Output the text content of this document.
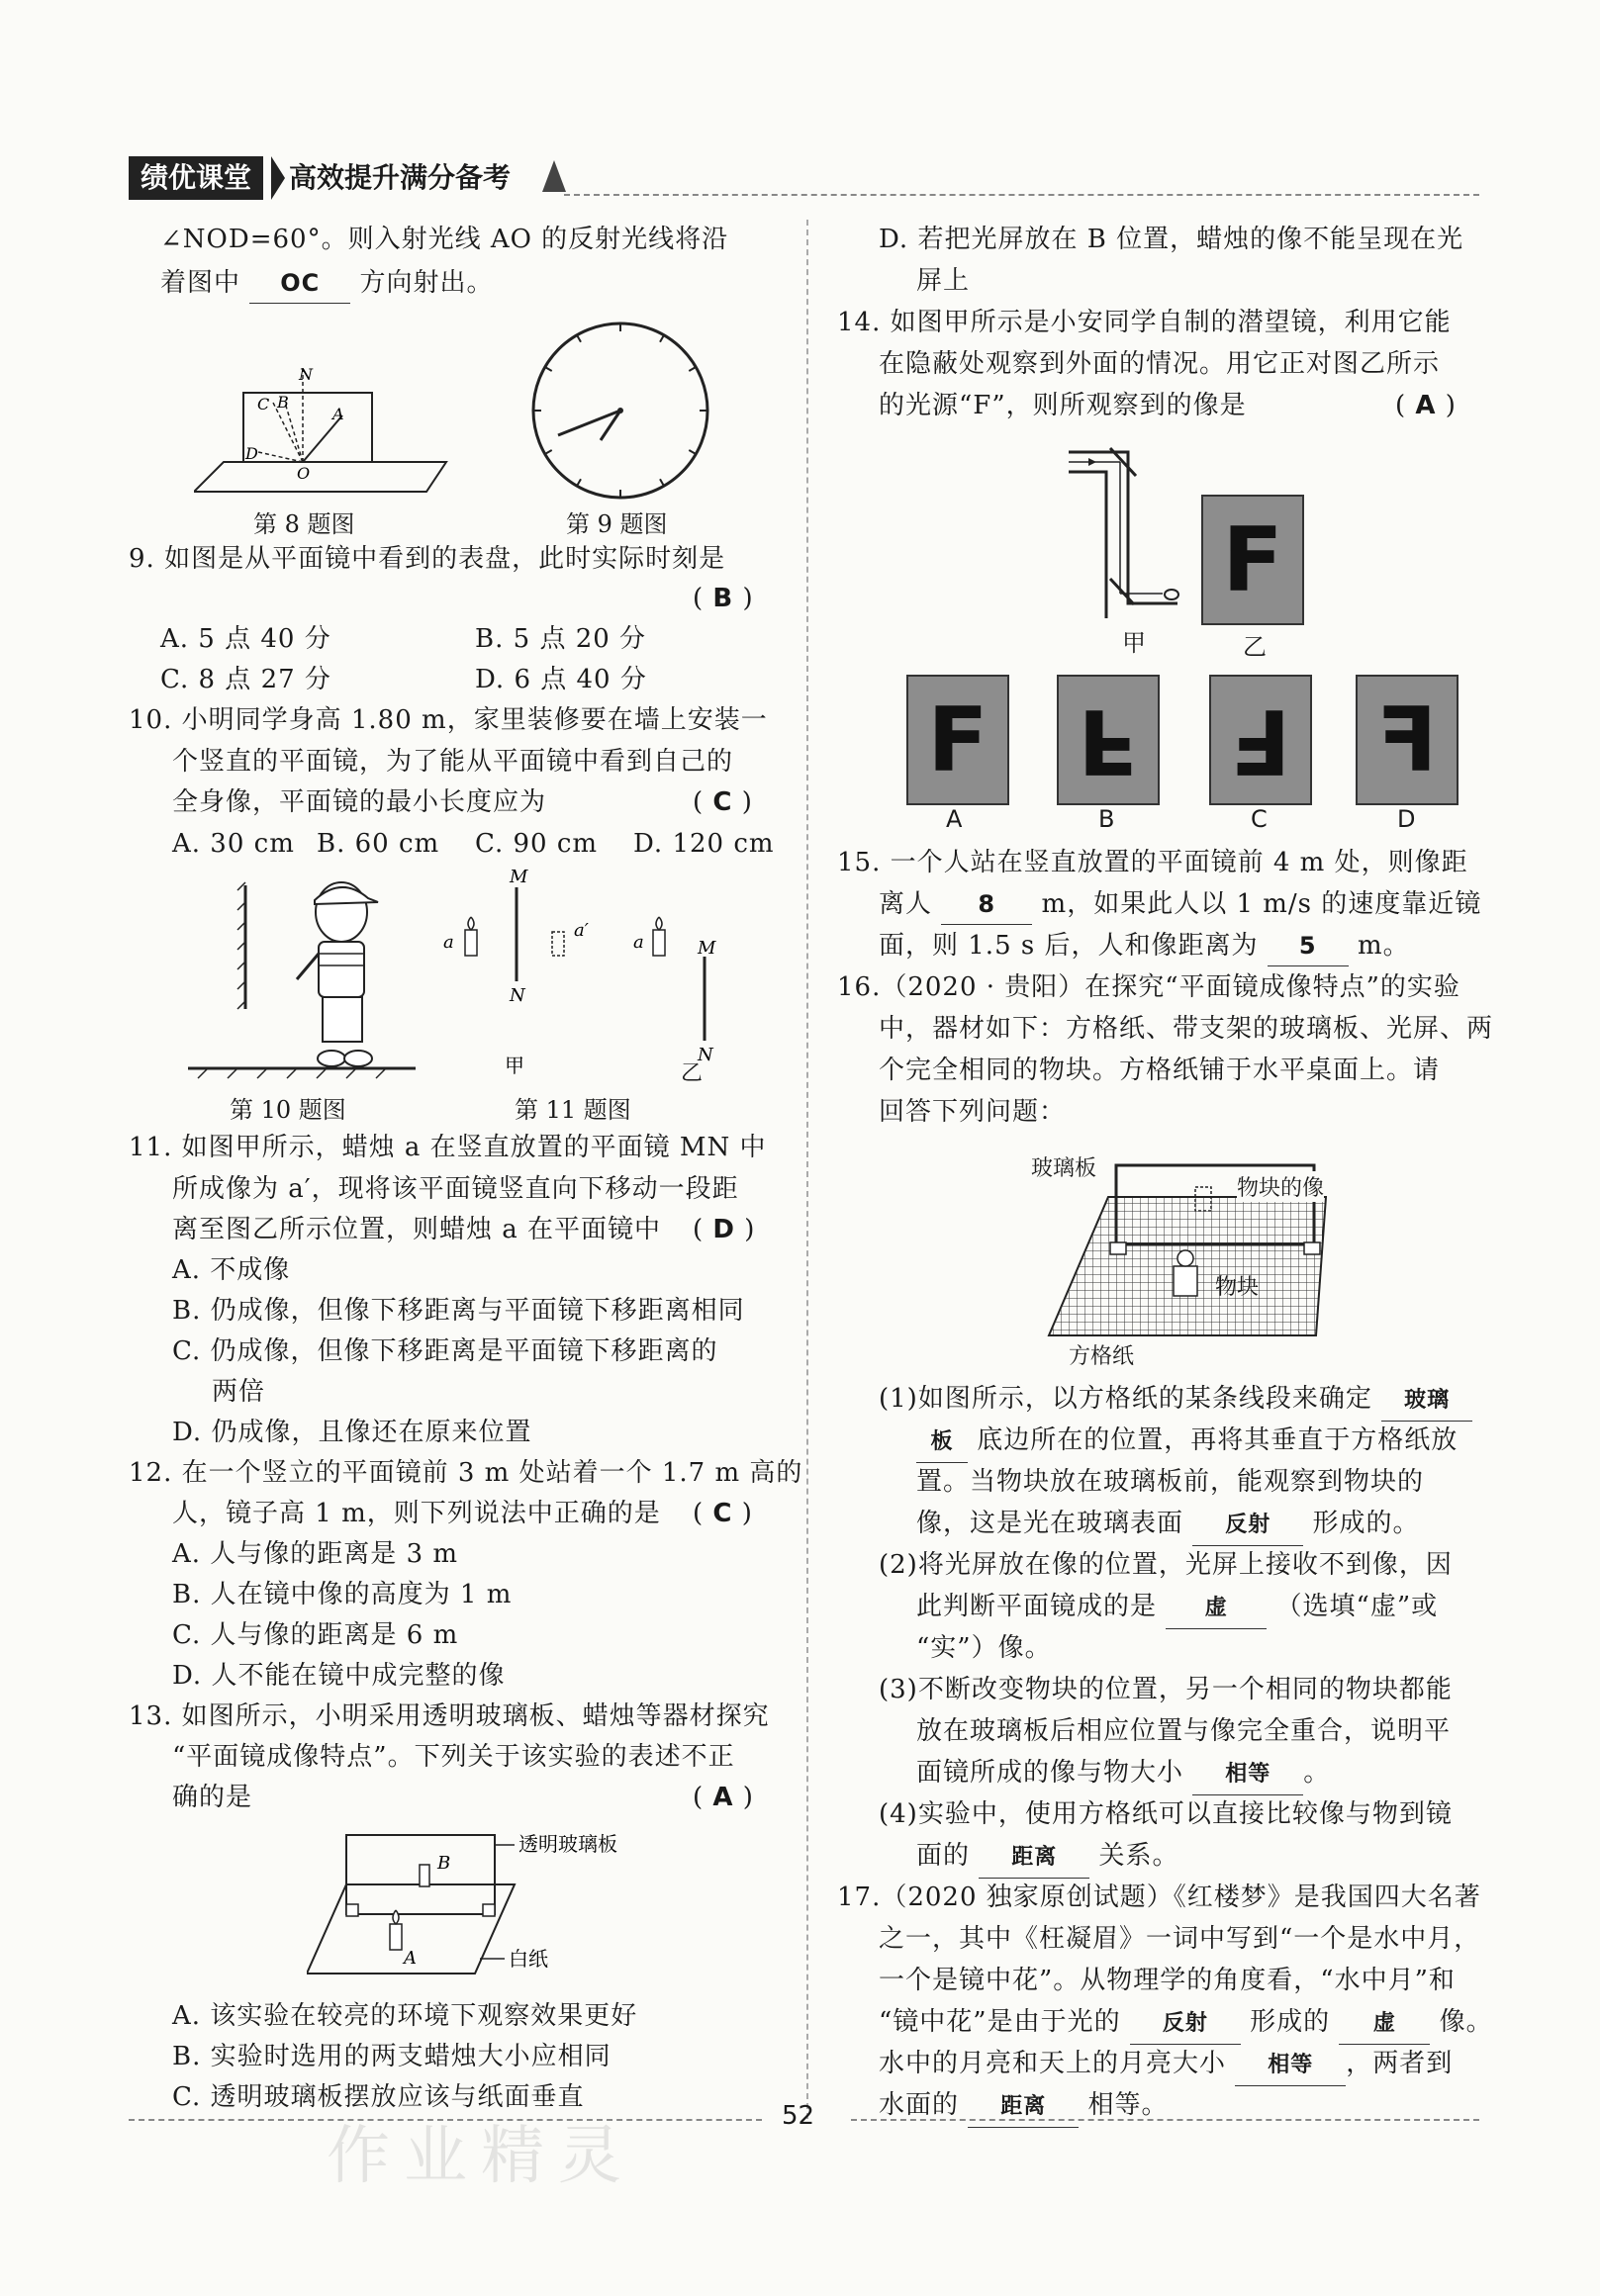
绩优课堂	高效提升满分备考
∠NOD=60°。则入射光线 AO 的反射光线将沿
着图中 OC 方向射出。
N
C B
A
D
O
第 8 题图	第 9 题图
9. 如图是从平面镜中看到的表盘，此时实际时刻是
( B )
A. 5 点 40 分	B. 5 点 20 分
C. 8 点 27 分	D. 6 点 40 分
10. 小明同学身高 1.80 m，家里装修要在墙上安装一
个竖直的平面镜，为了能从平面镜中看到自己的
全身像，平面镜的最小长度应为	( C )
A. 30 cm B. 60 cm C. 90 cm D. 120 cm
第 10 题图
M
N
a
a′
a	M
N
甲	乙
第 11 题图
11. 如图甲所示，蜡烛 a 在竖直放置的平面镜 MN 中
所成像为 a′，现将该平面镜竖直向下移动一段距
离至图乙所示位置，则蜡烛 a 在平面镜中 ( D )
A. 不成像
B. 仍成像，但像下移距离与平面镜下移距离相同
C. 仍成像，但像下移距离是平面镜下移距离的
两倍
D. 仍成像，且像还在原来位置
12. 在一个竖立的平面镜前 3 m 处站着一个 1.7 m 高的
人，镜子高 1 m，则下列说法中正确的是 ( C )
A. 人与像的距离是 3 m
B. 人在镜中像的高度为 1 m
C. 人与像的距离是 6 m
D. 人不能在镜中成完整的像
13. 如图所示，小明采用透明玻璃板、蜡烛等器材探究
“平面镜成像特点”。下列关于该实验的表述不正
( A )
确的是
B
A
透明玻璃板
白纸
A. 该实验在较亮的环境下观察效果更好
B. 实验时选用的两支蜡烛大小应相同
C. 透明玻璃板摆放应该与纸面垂直
D. 若把光屏放在 B 位置，蜡烛的像不能呈现在光
屏上
14. 如图甲所示是小安同学自制的潜望镜，利用它能
在隐蔽处观察到外面的情况。用它正对图乙所示
的光源“F”，则所观察到的像是	( A )
甲
F
乙
F F F F
A	B	C	D
15. 一个人站在竖直放置的平面镜前 4 m 处，则像距
离人 8 m，如果此人以 1 m/s 的速度靠近镜
面，则 1.5 s 后，人和像距离为 5 m。
16.（2020 · 贵阳）在探究“平面镜成像特点”的实验
中，器材如下：方格纸、带支架的玻璃板、光屏、两
个完全相同的物块。方格纸铺于水平桌面上。请
回答下列问题：
玻璃板
物块的像
物块
方格纸
(1)如图所示，以方格纸的某条线段来确定 玻璃
板 底边所在的位置，再将其垂直于方格纸放
置。当物块放在玻璃板前，能观察到物块的
像，这是光在玻璃表面 反射 形成的。
(2)将光屏放在像的位置，光屏上接收不到像，因
此判断平面镜成的是 虚 （选填“虚”或
“实”）像。
(3)不断改变物块的位置，另一个相同的物块都能
放在玻璃板后相应位置与像完全重合，说明平
面镜所成的像与物大小 相等 。
(4)实验中，使用方格纸可以直接比较像与物到镜
面的 距离 关系。
17.（2020 独家原创试题）《红楼梦》是我国四大名著
之一，其中《枉凝眉》一词中写到“一个是水中月，
一个是镜中花”。从物理学的角度看，“水中月”和
“镜中花”是由于光的 反射 形成的 虚 像。
水中的月亮和天上的月亮大小 相等 ，两者到
水面的 距离 相等。
52
作业精灵
